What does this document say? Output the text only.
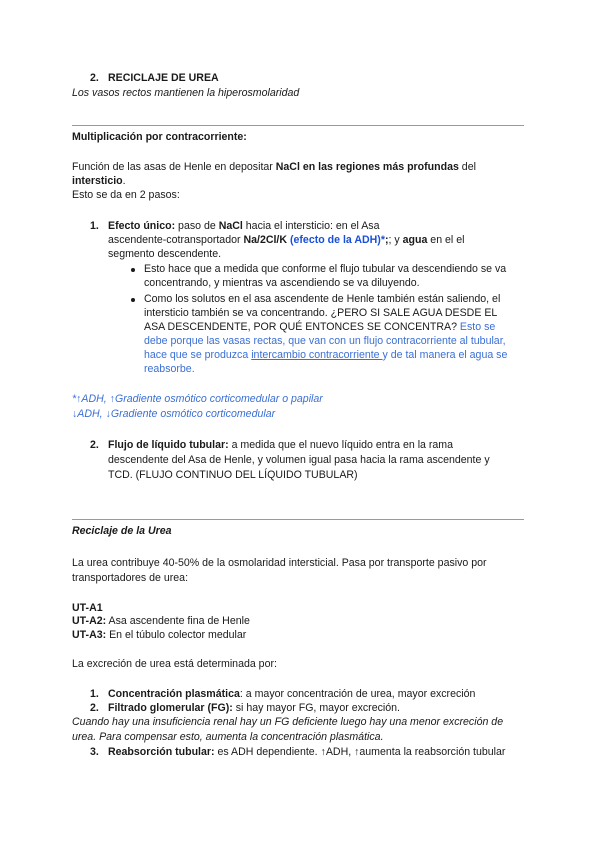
2. RECICLAJE DE UREA
Los vasos rectos mantienen la hiperosmolaridad
Multiplicación por contracorriente:
Función de las asas de Henle en depositar NaCl en las regiones más profundas del
intersticio.
Esto se da en 2 pasos:
1. Efecto único: paso de NaCl hacia el intersticio: en el Asa
ascendente-cotransportador Na/2Cl/K (efecto de la ADH)*;; y agua en el el
segmento descendente.
Esto hace que a medida que conforme el flujo tubular va descendiendo se va
concentrando, y mientras va ascendiendo se va diluyendo.
Como los solutos en el asa ascendente de Henle también están saliendo, el
intersticio también se va concentrando. ¿PERO SI SALE AGUA DESDE EL
ASA DESCENDENTE, POR QUÉ ENTONCES SE CONCENTRA? Esto se
debe porque las vasas rectas, que van con un flujo contracorriente al tubular,
hace que se produzca intercambio contracorriente y de tal manera el agua se
reabsorbe.
*↑ADH, ↑Gradiente osmótico corticomedular o papilar
↓ADH, ↓Gradiente osmótico corticomedular
2. Flujo de líquido tubular: a medida que el nuevo líquido entra en la rama
descendente del Asa de Henle, y volumen igual pasa hacia la rama ascendente y
TCD. (FLUJO CONTINUO DEL LÍQUIDO TUBULAR)
Reciclaje de la Urea
La urea contribuye 40-50% de la osmolaridad intersticial. Pasa por transporte pasivo por
transportadores de urea:
UT-A1
UT-A2: Asa ascendente fina de Henle
UT-A3: En el túbulo colector medular
La excreción de urea está determinada por:
1. Concentración plasmática: a mayor concentración de urea, mayor excreción
2. Filtrado glomerular (FG): si hay mayor FG, mayor excreción.
Cuando hay una insuficiencia renal hay un FG deficiente luego hay una menor excreción de
urea. Para compensar esto, aumenta la concentración plasmática.
3. Reabsorción tubular: es ADH dependiente. ↑ADH, ↑aumenta la reabsorción tubular
